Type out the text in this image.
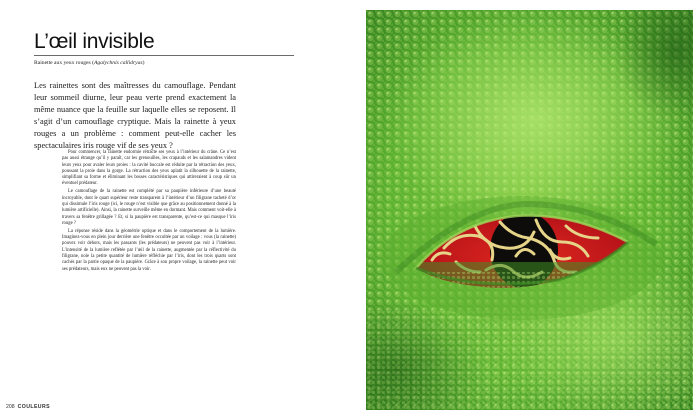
L’œil invisible
Rainette aux yeux rouges (Agalychnis callidryas)

Les rainettes sont des maîtresses du camouflage. Pendant leur sommeil diurne, leur peau verte prend exactement la même nuance que la feuille sur laquelle elles se reposent. Il s’agit d’un camouflage cryptique. Mais la rainette à yeux rouges a un problème : comment peut-elle cacher les spectaculaires iris rouge vif de ses yeux ?

Pour commencer, la rainette endormie rétracte ses yeux à l’intérieur du crâne. Ce n’est pas aussi étrange qu’il y paraît, car les grenouilles, les crapauds et les salamandres vident leurs yeux pour avaler leurs proies : la cavité buccale est réduite par la rétraction des yeux, poussant la proie dans la gorge. La rétraction des yeux aplatit la silhouette de la rainette, simplifiant sa forme et éliminant les bosses caractéristiques qui attireraient à coup sûr un éventuel prédateur.

Le camouflage de la rainette est complété par sa paupière inférieure d’une beauté incroyable, dont le quart supérieur reste transparent à l’intérieur d’un filigrane tacheté d’or qui dissimule l’iris rouge (ici, le rouge n’est visible que grâce au positionnement donné à la lumière artificielle). Ainsi, la rainette surveille même en dormant. Mais comment voit-elle à travers sa fenêtre grillagée ? Et, si la paupière est transparente, qu’est-ce qui masque l’iris rouge ?

La réponse réside dans la géométrie optique et dans le comportement de la lumière. Imaginez-vous en plein jour derrière une fenêtre occultée par un voilage : vous (la rainette) pouvez voir dehors, mais les passants (les prédateurs) ne peuvent pas voir à l’intérieur. L’intensité de la lumière reflétée par l’œil de la rainette, augmentée par la réflectivité du filigrane, noie la petite quantité de lumière réfléchie par l’iris, dont les trois quarts sont cachés par la partie opaque de la paupière. Grâce à son propre voilage, la rainette peut voir ses prédateurs, mais eux ne peuvent pas la voir.

208 COULEURS
